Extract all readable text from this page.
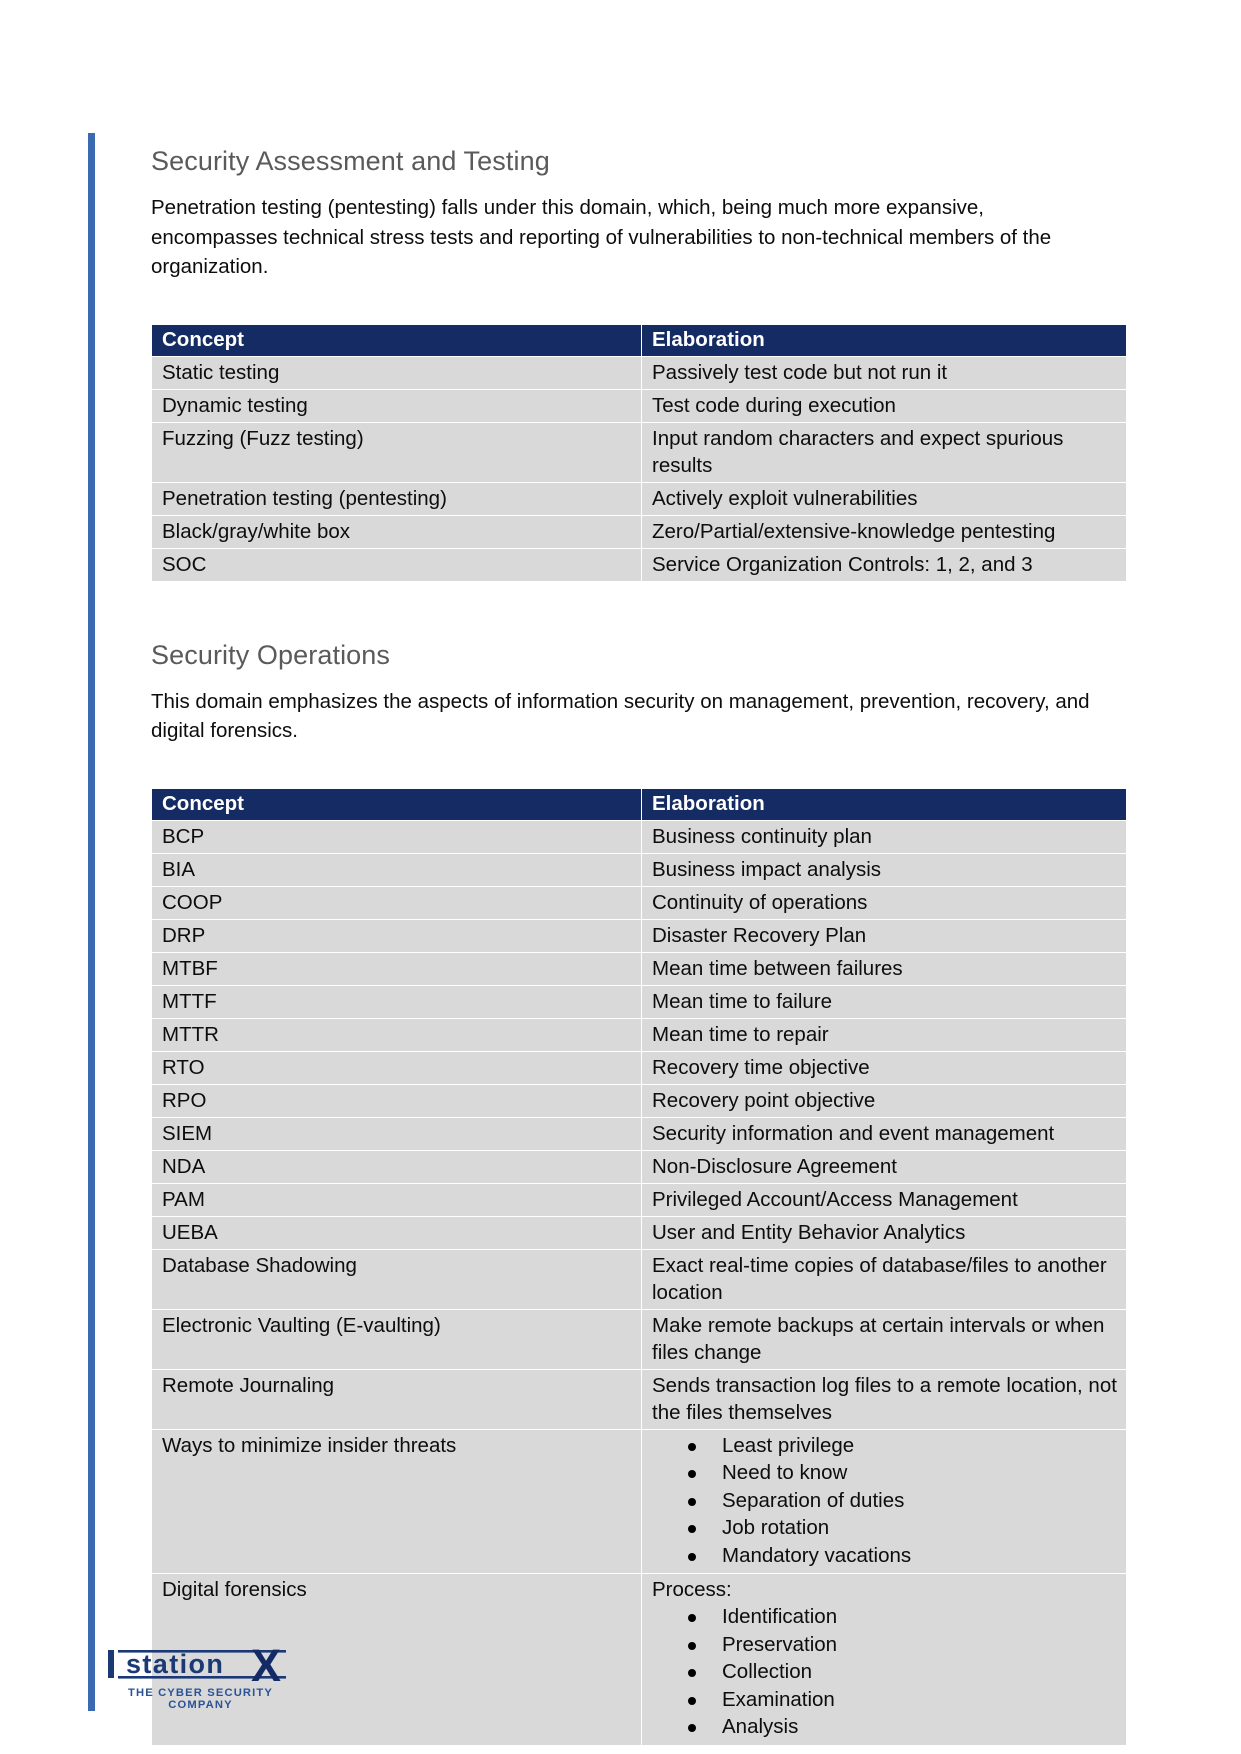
Security Assessment and Testing

Penetration testing (pentesting) falls under this domain, which, being much more expansive, encompasses technical stress tests and reporting of vulnerabilities to non-technical members of the organization.

Concept	Elaboration
Static testing	Passively test code but not run it
Dynamic testing	Test code during execution
Fuzzing (Fuzz testing)	Input random characters and expect spurious results
Penetration testing (pentesting)	Actively exploit vulnerabilities
Black/gray/white box	Zero/Partial/extensive-knowledge pentesting
SOC	Service Organization Controls: 1, 2, and 3
Security Operations

This domain emphasizes the aspects of information security on management, prevention, recovery, and digital forensics.

Concept	Elaboration
BCP	Business continuity plan
BIA	Business impact analysis
COOP	Continuity of operations
DRP	Disaster Recovery Plan
MTBF	Mean time between failures
MTTF	Mean time to failure
MTTR	Mean time to repair
RTO	Recovery time objective
RPO	Recovery point objective
SIEM	Security information and event management
NDA	Non-Disclosure Agreement
PAM	Privileged Account/Access Management
UEBA	User and Entity Behavior Analytics
Database Shadowing	Exact real-time copies of database/files to another location
Electronic Vaulting (E-vaulting)	Make remote backups at certain intervals or when files change
Remote Journaling	Sends transaction log files to a remote location, not the files themselves
Ways to minimize insider threats	Least privilege
Need to know
Separation of duties
Job rotation
Mandatory vacations

Digital forensics	Process:

Identification
Preservation
Collection
Examination
Analysis
station X
THE CYBER SECURITY COMPANY
